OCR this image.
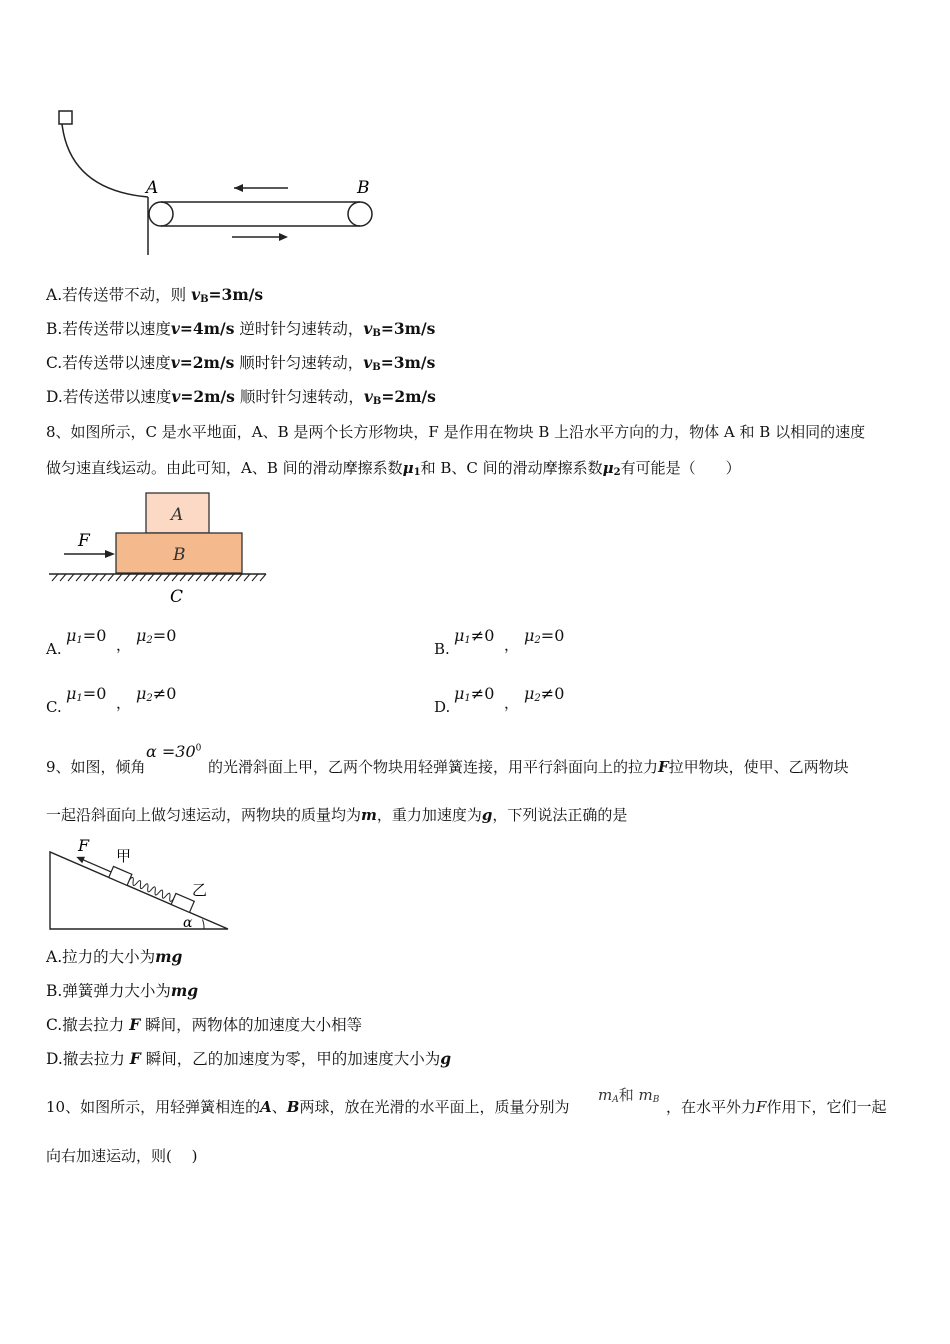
A	B
A.若传送带不动，则 $v_B=3m/s$
B.若传送带以速度v=4m/s 逆时针匀速转动，$v_B=3m/s$
C.若传送带以速度v=2m/s 顺时针匀速转动，$v_B=3m/s$
D.若传送带以速度v=2m/s 顺时针匀速转动，$v_B=2m/s$
8、如图所示，C 是水平地面，A、B 是两个长方形物块，F 是作用在物块 B 上沿水平方向的力，物体 A 和 B 以相同的速度
做匀速直线运动。由此可知，A、B 间的滑动摩擦系数$\mu_1$和 B、C 间的滑动摩擦系数$\mu_2$有可能是（　　）
A
B
C
F
A.
$\mu_1=0$ ， $\mu_2=0$
B.
$\mu_1\ne 0$ ， $\mu_2=0$
C.
$\mu_1=0$ ， $\mu_2\ne 0$
D.
$\mu_1\ne 0$ ， $\mu_2\ne 0$
9、如图，倾角
$\alpha =30^0$
的光滑斜面上甲，乙两个物块用轻弹簧连接，用平行斜面向上的拉力F拉甲物块，使甲、乙两物块
一起沿斜面向上做匀速运动，两物块的质量均为m，重力加速度为g，下列说法正确的是
F
甲
乙
α
A.拉力的大小为mg
B.弹簧弹力大小为mg
C.撤去拉力 F 瞬间，两物体的加速度大小相等
D.撤去拉力 F 瞬间，乙的加速度为零，甲的加速度大小为g
10、如图所示，用轻弹簧相连的A、B两球，放在光滑的水平面上，质量分别为
$m_A$和 $m_B$ ，在水平外力F作用下，它们一起
向右加速运动，则(　 )
